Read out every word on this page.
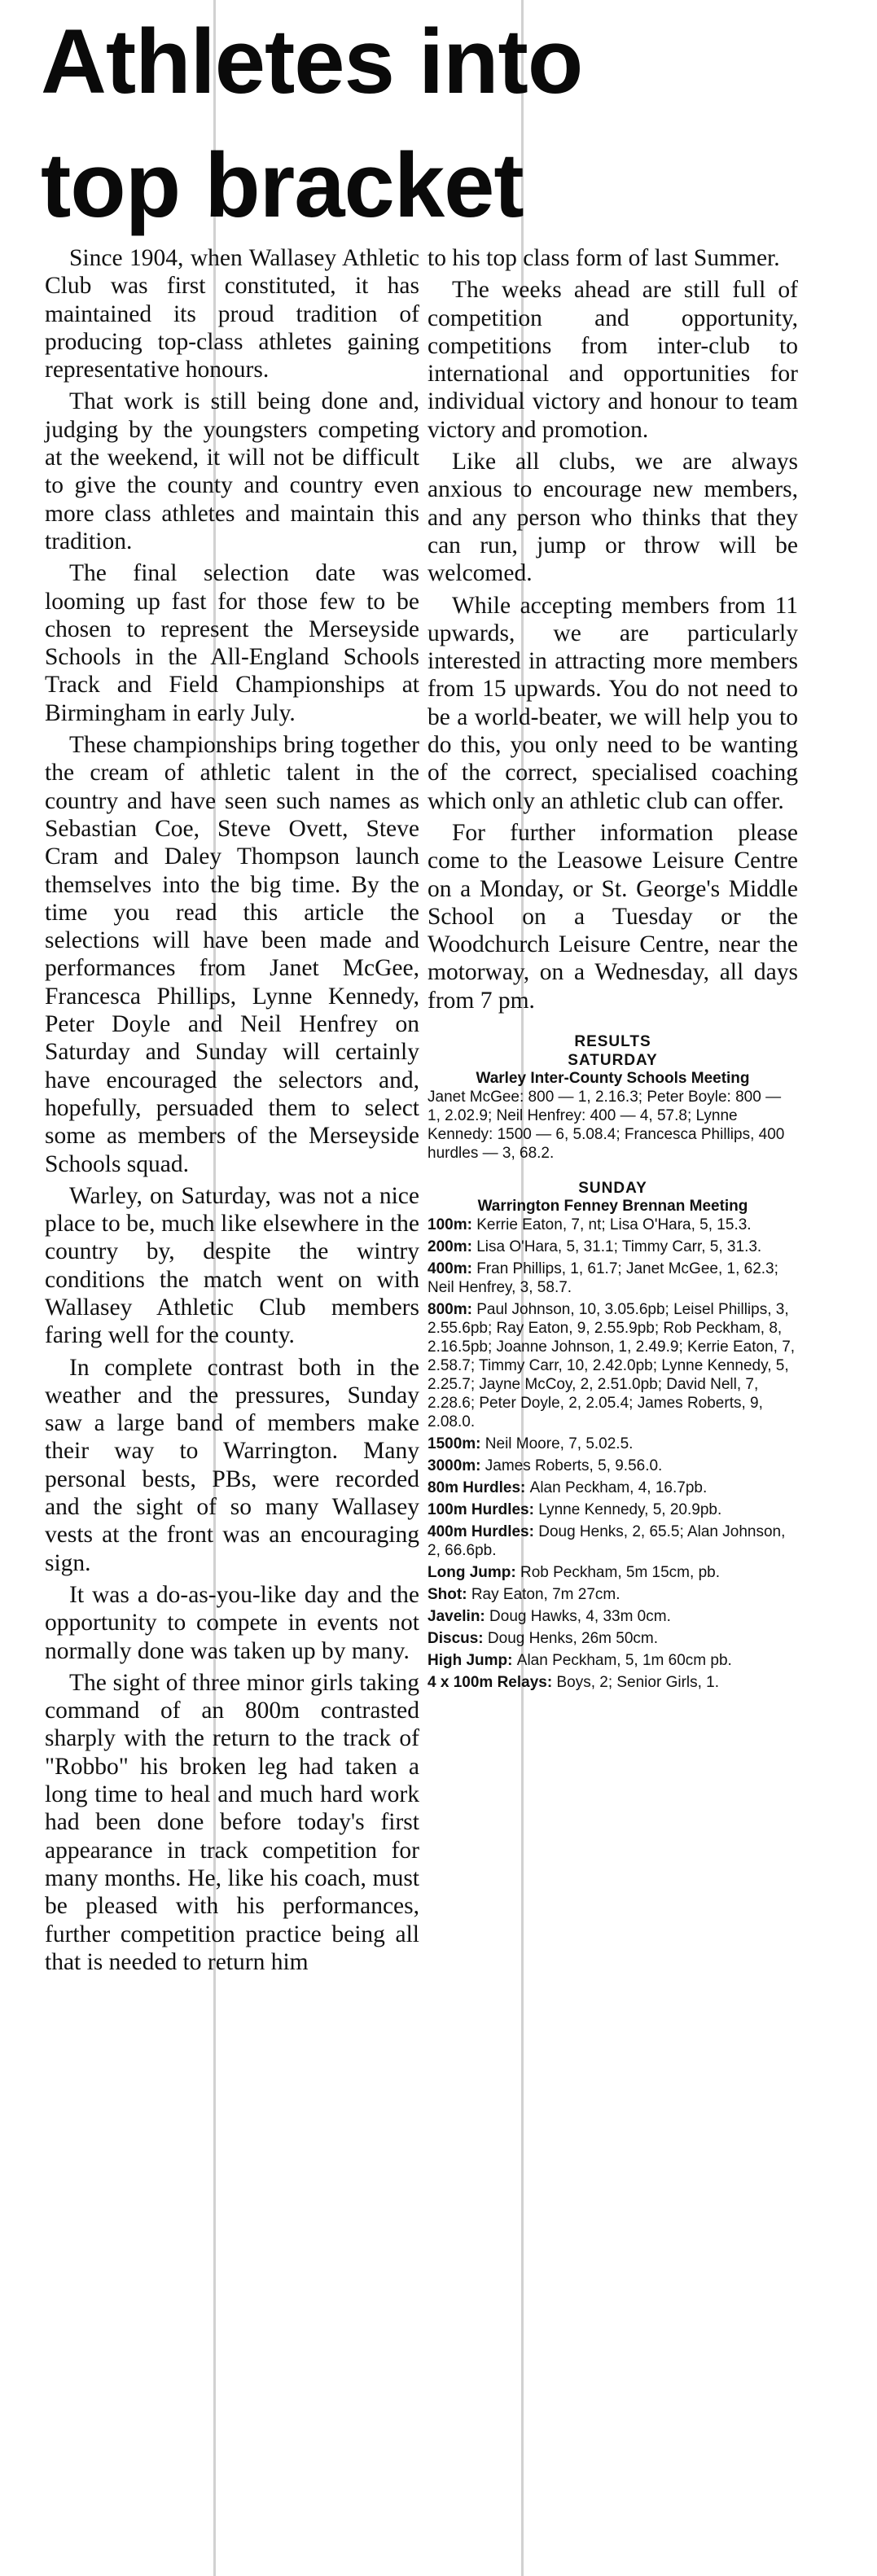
Athletes into
top bracket

Since 1904, when Wallasey Athletic Club was first constituted, it has maintained its proud tradition of producing top-class athletes gaining representative honours.

That work is still being done and, judging by the youngsters competing at the weekend, it will not be difficult to give the county and country even more class athletes and maintain this tradition.

The final selection date was looming up fast for those few to be chosen to represent the Merseyside Schools in the All-England Schools Track and Field Championships at Birmingham in early July.

These championships bring together the cream of athletic talent in the country and have seen such names as Sebastian Coe, Steve Ovett, Steve Cram and Daley Thompson launch themselves into the big time. By the time you read this article the selections will have been made and performances from Janet McGee, Francesca Phillips, Lynne Kennedy, Peter Doyle and Neil Henfrey on Saturday and Sunday will certainly have encouraged the selectors and, hopefully, persuaded them to select some as members of the Merseyside Schools squad.

Warley, on Saturday, was not a nice place to be, much like elsewhere in the country by, despite the wintry conditions the match went on with Wallasey Athletic Club members faring well for the county.

In complete contrast both in the weather and the pressures, Sunday saw a large band of members make their way to Warrington. Many personal bests, PBs, were recorded and the sight of so many Wallasey vests at the front was an encouraging sign.

It was a do-as-you-like day and the opportunity to compete in events not normally done was taken up by many.

The sight of three minor girls taking command of an 800m contrasted sharply with the return to the track of "Robbo" his broken leg had taken a long time to heal and much hard work had been done before today's first appearance in track competition for many months. He, like his coach, must be pleased with his performances, further competition practice being all that is needed to return him

to his top class form of last Summer.

The weeks ahead are still full of competition and opportunity, competitions from inter-club to international and opportunities for individual victory and honour to team victory and promotion.

Like all clubs, we are always anxious to encourage new members, and any person who thinks that they can run, jump or throw will be welcomed.

While accepting members from 11 upwards, we are particularly interested in attracting more members from 15 upwards. You do not need to be a world-beater, we will help you to do this, you only need to be wanting of the correct, specialised coaching which only an athletic club can offer.

For further information please come to the Leasowe Leisure Centre on a Monday, or St. George's Middle School on a Tuesday or the Woodchurch Leisure Centre, near the motorway, on a Wednesday, all days from 7 pm.

RESULTS
SATURDAY
Warley Inter-County Schools Meeting

Janet McGee: 800 — 1, 2.16.3; Peter Boyle: 800 — 1, 2.02.9; Neil Henfrey: 400 — 4, 57.8; Lynne Kennedy: 1500 — 6, 5.08.4; Francesca Phillips, 400 hurdles — 3, 68.2.

SUNDAY
Warrington Fenney Brennan Meeting

100m: Kerrie Eaton, 7, nt; Lisa O'Hara, 5, 15.3.

200m: Lisa O'Hara, 5, 31.1; Timmy Carr, 5, 31.3.

400m: Fran Phillips, 1, 61.7; Janet McGee, 1, 62.3; Neil Henfrey, 3, 58.7.

800m: Paul Johnson, 10, 3.05.6pb; Leisel Phillips, 3, 2.55.6pb; Ray Eaton, 9, 2.55.9pb; Rob Peckham, 8, 2.16.5pb; Joanne Johnson, 1, 2.49.9; Kerrie Eaton, 7, 2.58.7; Timmy Carr, 10, 2.42.0pb; Lynne Kennedy, 5, 2.25.7; Jayne McCoy, 2, 2.51.0pb; David Nell, 7, 2.28.6; Peter Doyle, 2, 2.05.4; James Roberts, 9, 2.08.0.

1500m: Neil Moore, 7, 5.02.5.

3000m: James Roberts, 5, 9.56.0.

80m Hurdles: Alan Peckham, 4, 16.7pb.

100m Hurdles: Lynne Kennedy, 5, 20.9pb.

400m Hurdles: Doug Henks, 2, 65.5; Alan Johnson, 2, 66.6pb.

Long Jump: Rob Peckham, 5m 15cm, pb.

Shot: Ray Eaton, 7m 27cm.

Javelin: Doug Hawks, 4, 33m 0cm.

Discus: Doug Henks, 26m 50cm.

High Jump: Alan Peckham, 5, 1m 60cm pb.

4 x 100m Relays: Boys, 2; Senior Girls, 1.
